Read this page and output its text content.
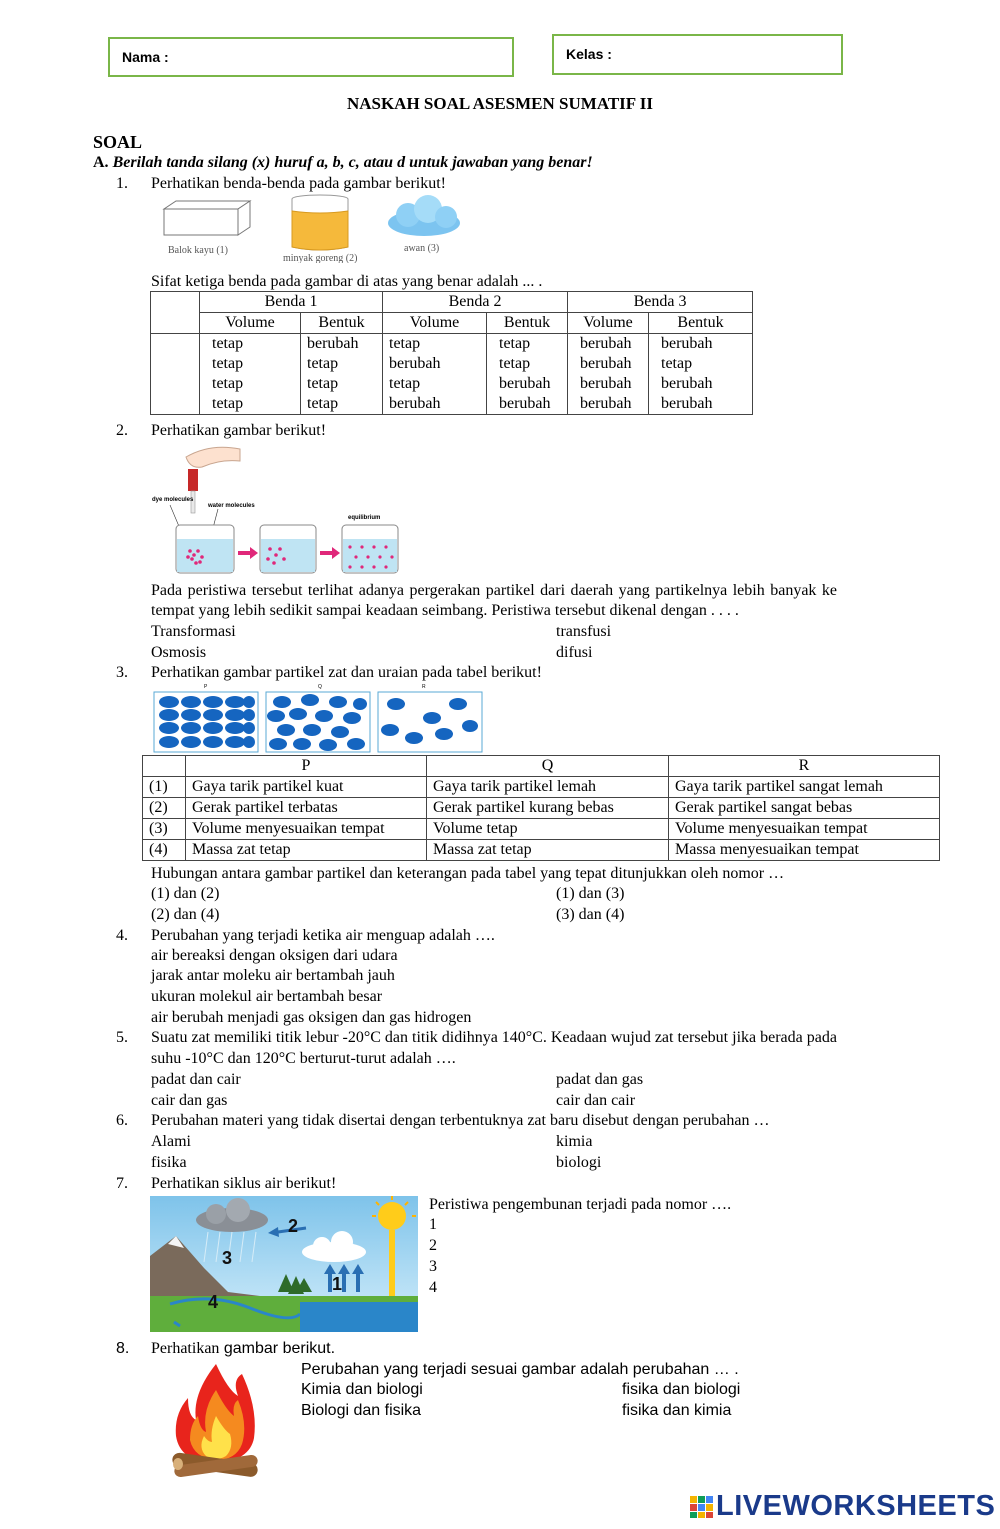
Nama :	Kelas :
NASKAH SOAL ASESMEN SUMATIF II
SOAL
A. Berilah tanda silang (x) huruf a, b, c, atau d untuk jawaban yang benar!
1. Perhatikan benda-benda pada gambar berikut!
Balok kayu (1)
minyak goreng (2)
awan (3)
Sifat ketiga benda pada gambar di atas yang benar adalah ... .
	Benda 1		Benda 2		Benda 3	
	Volume	Bentuk	Volume	Bentuk	Volume	Bentuk
	tetap	berubah	tetap	tetap	berubah	berubah
	tetap	tetap	berubah	tetap	berubah	tetap
	tetap	tetap	tetap	berubah	berubah	berubah
	tetap	tetap	berubah	berubah	berubah	berubah
2. Perhatikan gambar berikut!
dye molecules
water molecules
equilibrium
Pada peristiwa tersebut terlihat adanya pergerakan partikel dari daerah yang partikelnya lebih banyak ke
tempat yang lebih sedikit sampai keadaan seimbang. Peristiwa tersebut dikenal dengan . . . .
Transformasi	transfusi
Osmosis	difusi
3. Perhatikan gambar partikel zat dan uraian pada tabel berikut!
P	Q	R
	P	Q	R
(1)	Gaya tarik partikel kuat	Gaya tarik partikel lemah	Gaya tarik partikel sangat lemah
(2)	Gerak partikel terbatas	Gerak partikel kurang bebas	Gerak partikel sangat bebas
(3)	Volume menyesuaikan tempat	Volume tetap	Volume menyesuaikan tempat
(4)	Massa zat tetap	Massa zat tetap	Massa menyesuaikan tempat
Hubungan antara gambar partikel dan keterangan pada tabel yang tepat ditunjukkan oleh nomor …
(1) dan (2)	(1) dan (3)
(2) dan (4)	(3) dan (4)
4. Perubahan yang terjadi ketika air menguap adalah ….
air bereaksi dengan oksigen dari udara
jarak antar moleku air bertambah jauh
ukuran molekul air bertambah besar
air berubah menjadi gas oksigen dan gas hidrogen
5. Suatu zat memiliki titik lebur -20°C dan titik didihnya 140°C. Keadaan wujud zat tersebut jika berada pada
suhu -10°C dan 120°C berturut-turut adalah ….
padat dan cair	padat dan gas
cair dan gas	cair dan cair
6. Perubahan materi yang tidak disertai dengan terbentuknya zat baru disebut dengan perubahan …
Alami	kimia
fisika	biologi
7. Perhatikan siklus air berikut!
1
2
3
4
Peristiwa pengembunan terjadi pada nomor ….
1
2
3
4
8. Perhatikan gambar berikut.
Perubahan yang terjadi sesuai gambar adalah perubahan … .
Kimia dan biologi	fisika dan biologi
Biologi dan fisika	fisika dan kimia
LIVEWORKSHEETS
